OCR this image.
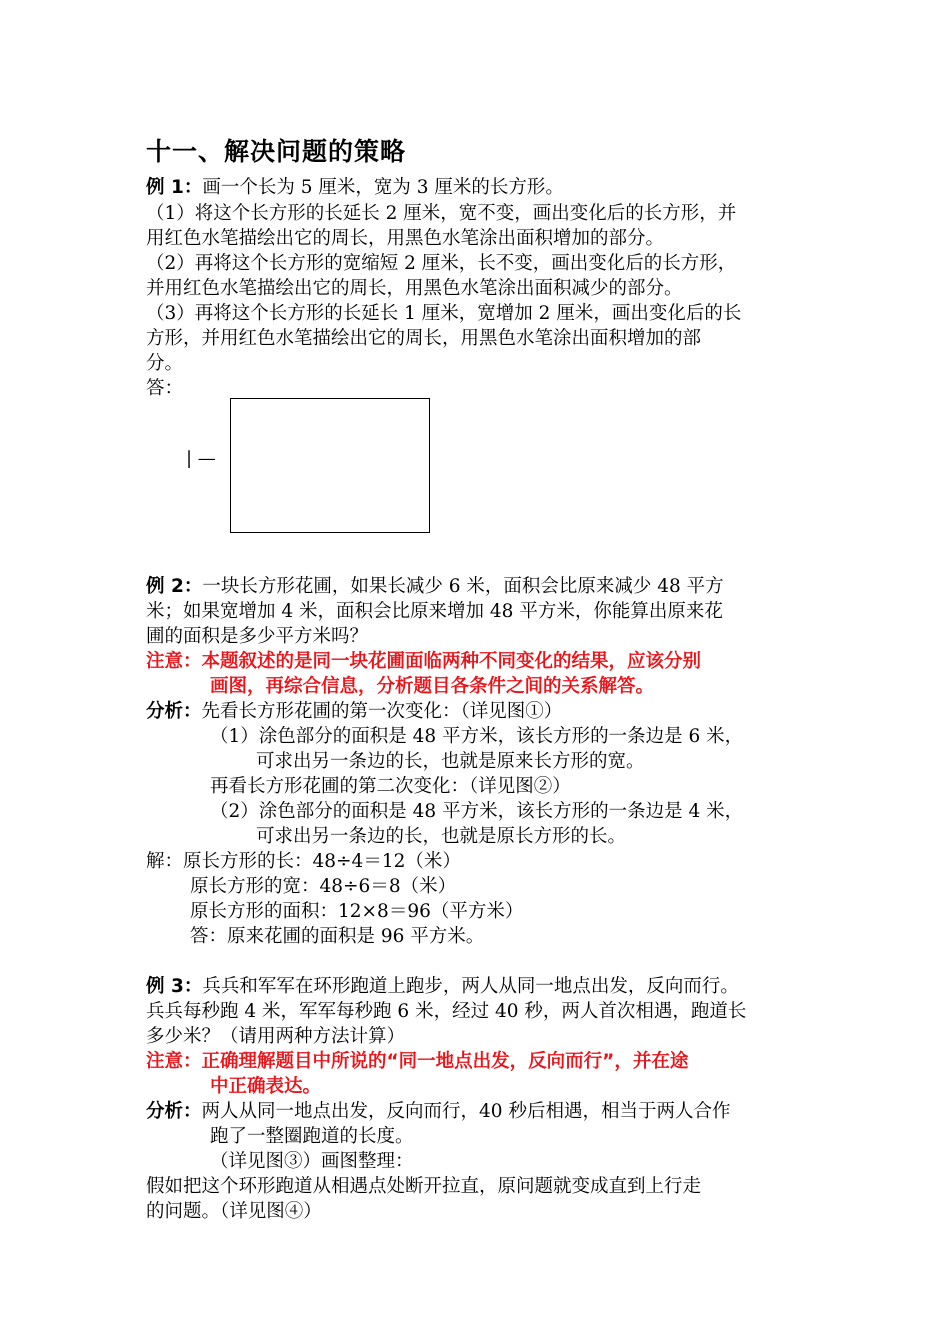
十一、解决问题的策略
例 1：画一个长为 5 厘米，宽为 3 厘米的长方形。
（1）将这个长方形的长延长 2 厘米，宽不变，画出变化后的长方形，并
用红色水笔描绘出它的周长，用黑色水笔涂出面积增加的部分。
（2）再将这个长方形的宽缩短 2 厘米，长不变，画出变化后的长方形，
并用红色水笔描绘出它的周长，用黑色水笔涂出面积减少的部分。
（3）再将这个长方形的长延长 1 厘米，宽增加 2 厘米，画出变化后的长
方形，并用红色水笔描绘出它的周长，用黑色水笔涂出面积增加的部
分。
答：
| —
例 2：一块长方形花圃，如果长减少 6 米，面积会比原来减少 48 平方
米；如果宽增加 4 米，面积会比原来增加 48 平方米，你能算出原来花
圃的面积是多少平方米吗？
注意：本题叙述的是同一块花圃面临两种不同变化的结果，应该分别
画图，再综合信息，分析题目各条件之间的关系解答。
分析：先看长方形花圃的第一次变化：（详见图①）
（1）涂色部分的面积是 48 平方米，该长方形的一条边是 6 米，
可求出另一条边的长，也就是原来长方形的宽。
再看长方形花圃的第二次变化：（详见图②）
（2）涂色部分的面积是 48 平方米，该长方形的一条边是 4 米，
可求出另一条边的长，也就是原长方形的长。
解：原长方形的长：48÷4＝12（米）
原长方形的宽：48÷6＝8（米）
原长方形的面积：12×8＝96（平方米）
答：原来花圃的面积是 96 平方米。
例 3：兵兵和军军在环形跑道上跑步，两人从同一地点出发，反向而行。
兵兵每秒跑 4 米，军军每秒跑 6 米，经过 40 秒，两人首次相遇，跑道长
多少米？（请用两种方法计算）
注意：正确理解题目中所说的“同一地点出发，反向而行”，并在途
中正确表达。
分析：两人从同一地点出发，反向而行，40 秒后相遇，相当于两人合作
跑了一整圈跑道的长度。
（详见图③）画图整理：
假如把这个环形跑道从相遇点处断开拉直，原问题就变成直到上行走
的问题。（详见图④）
